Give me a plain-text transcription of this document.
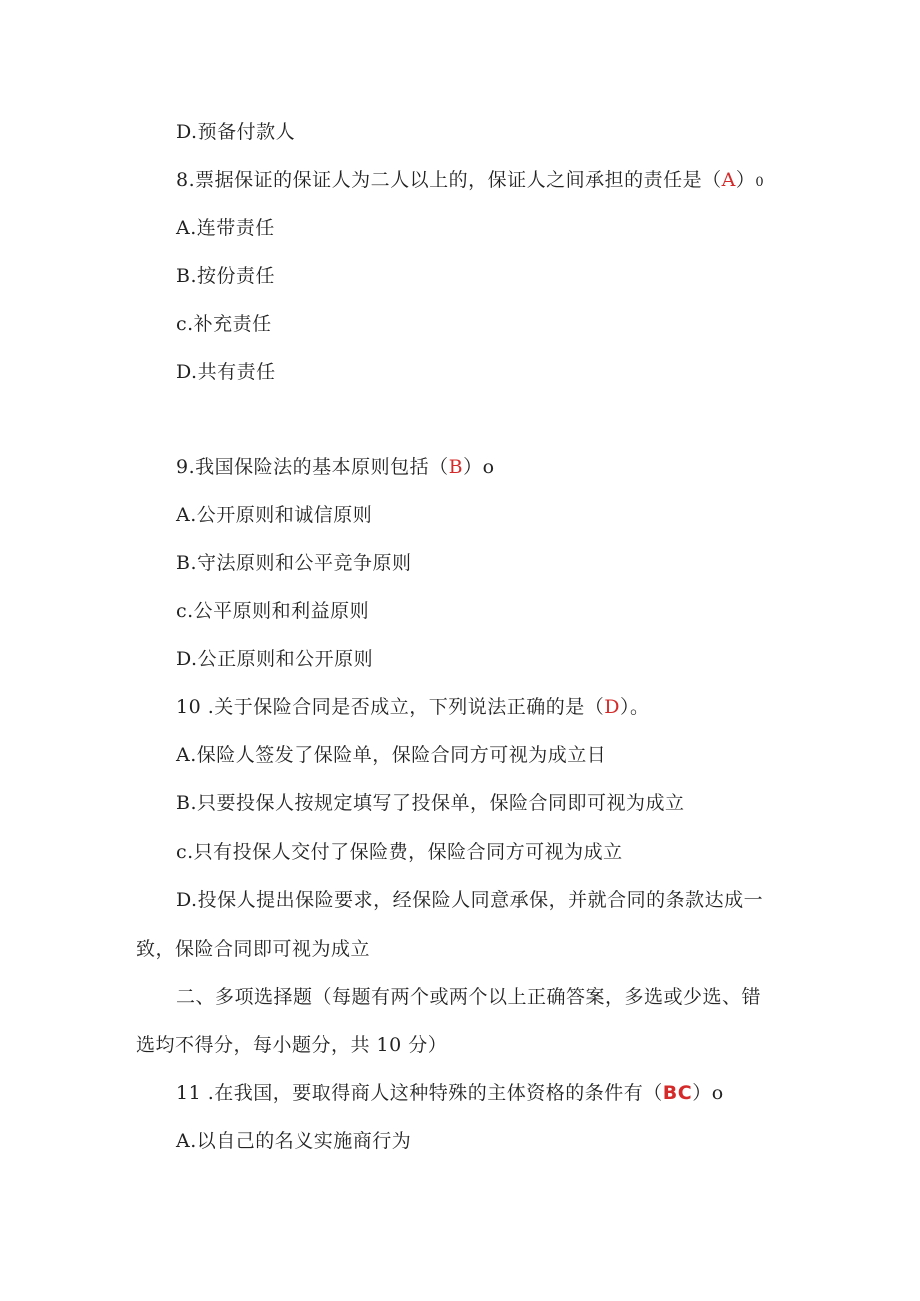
D.预备付款人
8.票据保证的保证人为二人以上的，保证人之间承担的责任是（A）0
A.连带责任
B.按份责任
c.补充责任
D.共有责任
9.我国保险法的基本原则包括（B）o
A.公开原则和诚信原则
B.守法原则和公平竞争原则
c.公平原则和利益原则
D.公正原则和公开原则
10 .关于保险合同是否成立，下列说法正确的是（D）。
A.保险人签发了保险单，保险合同方可视为成立日
B.只要投保人按规定填写了投保单，保险合同即可视为成立
c.只有投保人交付了保险费，保险合同方可视为成立
D.投保人提出保险要求，经保险人同意承保，并就合同的条款达成一
致，保险合同即可视为成立
二、多项选择题（每题有两个或两个以上正确答案，多选或少选、错
选均不得分，每小题分，共 10 分）
11 .在我国，要取得商人这种特殊的主体资格的条件有（BC）o
A.以自己的名义实施商行为
